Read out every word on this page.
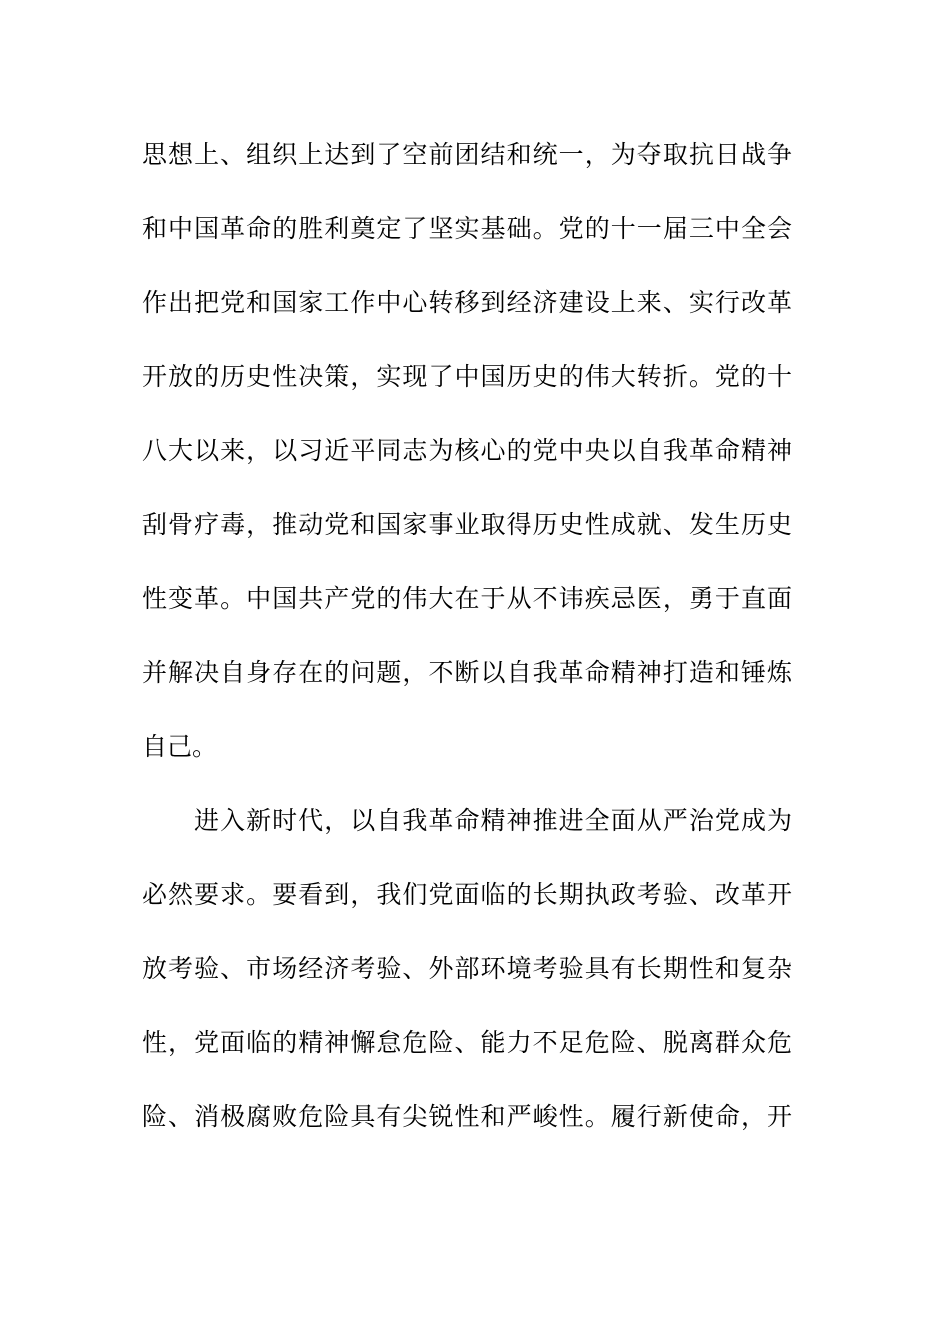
思想上、组织上达到了空前团结和统一，为夺取抗日战争
和中国革命的胜利奠定了坚实基础。党的十一届三中全会
作出把党和国家工作中心转移到经济建设上来、实行改革
开放的历史性决策，实现了中国历史的伟大转折。党的十
八大以来，以习近平同志为核心的党中央以自我革命精神
刮骨疗毒，推动党和国家事业取得历史性成就、发生历史
性变革。中国共产党的伟大在于从不讳疾忌医，勇于直面
并解决自身存在的问题，不断以自我革命精神打造和锤炼
自己。
进入新时代，以自我革命精神推进全面从严治党成为
必然要求。要看到，我们党面临的长期执政考验、改革开
放考验、市场经济考验、外部环境考验具有长期性和复杂
性，党面临的精神懈怠危险、能力不足危险、脱离群众危
险、消极腐败危险具有尖锐性和严峻性。履行新使命，开
